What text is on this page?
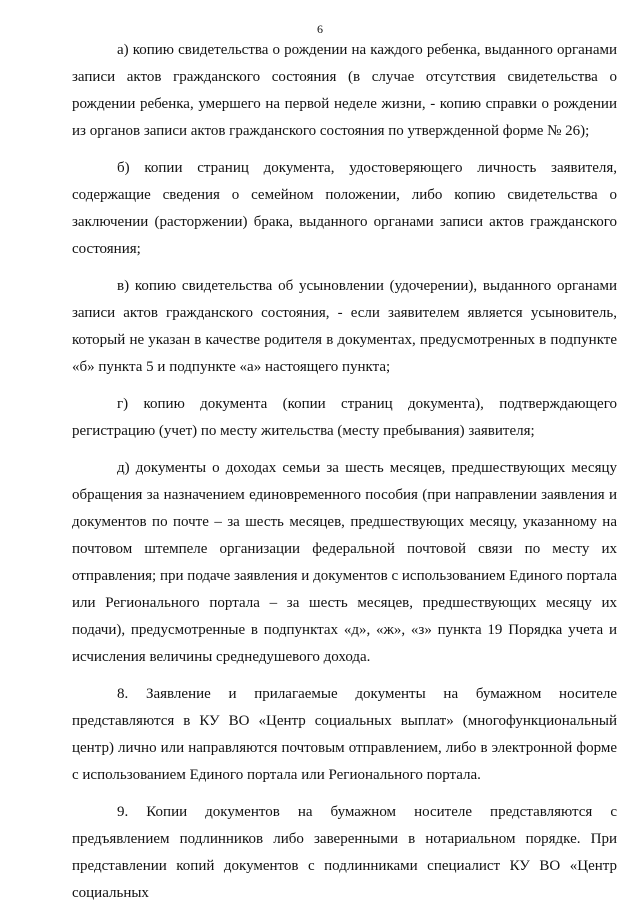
6

а) копию свидетельства о рождении на каждого ребенка, выданного органами записи актов гражданского состояния (в случае отсутствия свидетельства о рождении ребенка, умершего на первой неделе жизни, - копию справки о рождении из органов записи актов гражданского состояния по утвержденной форме № 26);

б) копии страниц документа, удостоверяющего личность заявителя, содержащие сведения о семейном положении, либо копию свидетельства о заключении (расторжении) брака, выданного органами записи актов гражданского состояния;

в) копию свидетельства об усыновлении (удочерении), выданного органами записи актов гражданского состояния, - если заявителем является усыновитель, который не указан в качестве родителя в документах, предусмотренных в подпункте «б» пункта 5 и подпункте «а» настоящего пункта;

г) копию документа (копии страниц документа), подтверждающего регистрацию (учет) по месту жительства (месту пребывания) заявителя;

д) документы о доходах семьи за шесть месяцев, предшествующих месяцу обращения за назначением единовременного пособия (при направлении заявления и документов по почте – за шесть месяцев, предшествующих месяцу, указанному на почтовом штемпеле организации федеральной почтовой связи по месту их отправления; при подаче заявления и документов с использованием Единого портала или Регионального портала – за шесть месяцев, предшествующих месяцу их подачи), предусмотренные в подпунктах «д», «ж», «з» пункта 19 Порядка учета и исчисления величины среднедушевого дохода.

8. Заявление и прилагаемые документы на бумажном носителе представляются в КУ ВО «Центр социальных выплат» (многофункциональный центр) лично или направляются почтовым отправлением, либо в электронной форме с использованием Единого портала или Регионального портала.

9. Копии документов на бумажном носителе представляются с предъявлением подлинников либо заверенными в нотариальном порядке. При представлении копий документов с подлинниками специалист КУ ВО «Центр социальных
